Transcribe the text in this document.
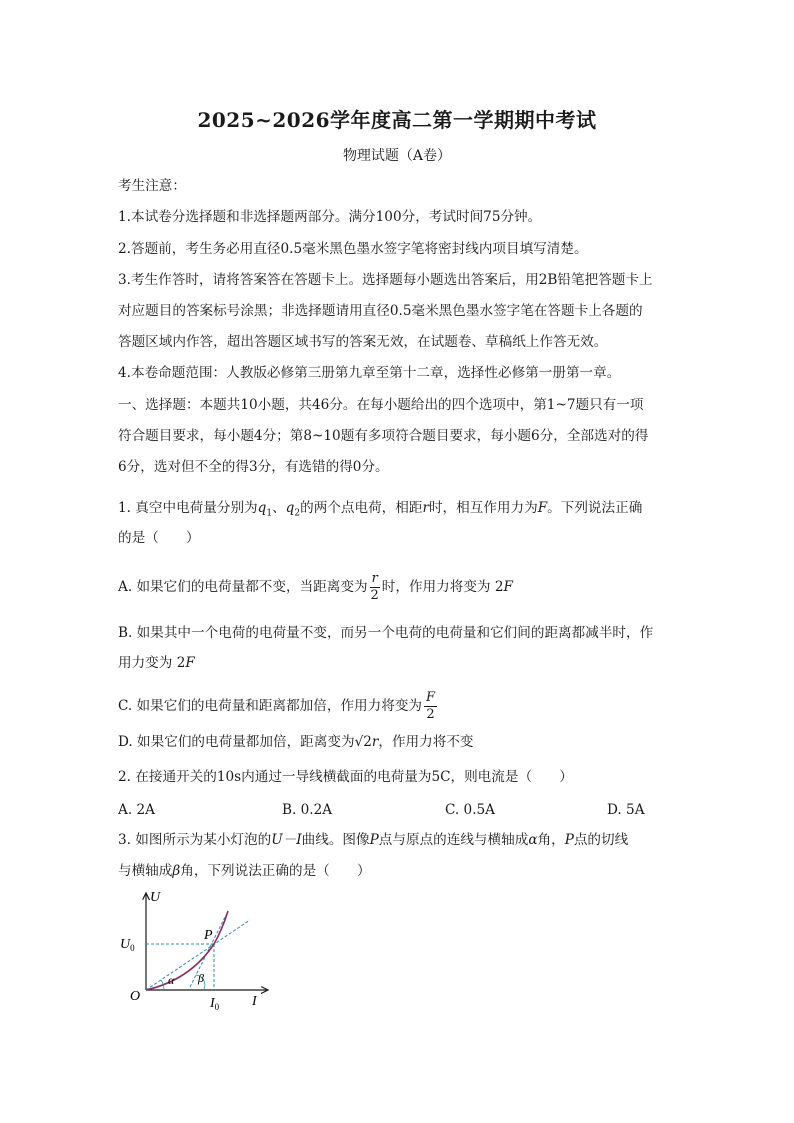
2025~2026学年度高二第一学期期中考试
物理试题（A卷）
考生注意：
1.本试卷分选择题和非选择题两部分。满分100分，考试时间75分钟。
2.答题前，考生务必用直径0.5毫米黑色墨水签字笔将密封线内项目填写清楚。
3.考生作答时，请将答案答在答题卡上。选择题每小题选出答案后，用2B铅笔把答题卡上
对应题目的答案标号涂黑；非选择题请用直径0.5毫米黑色墨水签字笔在答题卡上各题的
答题区域内作答，超出答题区域书写的答案无效，在试题卷、草稿纸上作答无效。
4.本卷命题范围：人教版必修第三册第九章至第十二章，选择性必修第一册第一章。
一、选择题：本题共10小题，共46分。在每小题给出的四个选项中，第1~7题只有一项
符合题目要求，每小题4分；第8~10题有多项符合题目要求，每小题6分，全部选对的得
6分，选对但不全的得3分，有选错的得0分。
1. 真空中电荷量分别为$q_1$、$q_2$的两个点电荷，相距r时，相互作用力为F。下列说法正确
的是（　　）
A. 如果它们的电荷量都不变，当距离变为 $\frac{r}{2}$ 时，作用力将变为 2F
B. 如果其中一个电荷的电荷量不变，而另一个电荷的电荷量和它们间的距离都减半时，作
用力变为 2F
C. 如果它们的电荷量和距离都加倍，作用力将变为 $\frac{F}{2}$
D. 如果它们的电荷量都加倍，距离变为√2r，作用力将不变
2. 在接通开关的10s内通过一导线横截面的电荷量为5C，则电流是（　　）
A. 2A	B. 0.2A	C. 0.5A	D. 5A
3. 如图所示为某小灯泡的U－I曲线。图像P点与原点的连线与横轴成α角，P点的切线
与横轴成β角，下列说法正确的是（　　）
U
I
O
P
$U_0$
$I_0$
α β
